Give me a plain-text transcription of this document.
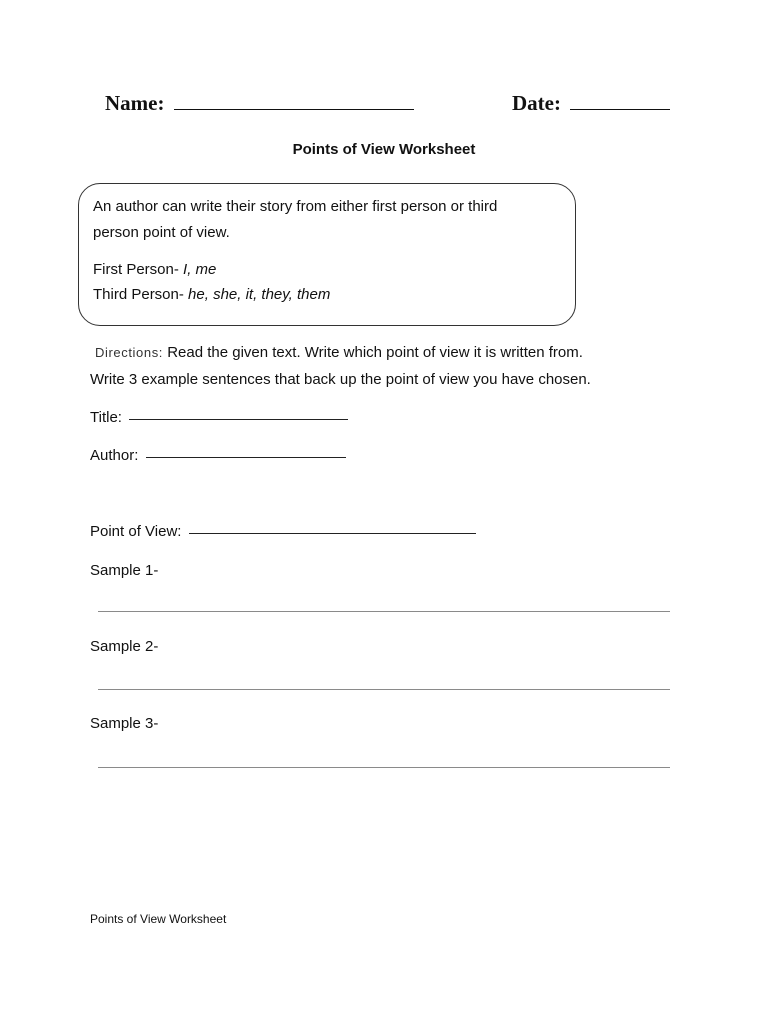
Name:	Date:
Points of View Worksheet

An author can write their story from either first person or third

person point of view.

First Person- I, me

Third Person- he, she, it, they, them

Directions: Read the given text. Write which point of view it is written from.
Write 3 example sentences that back up the point of view you have chosen.
Title:
Author:
Point of View:
Sample 1-
Sample 2-
Sample 3-
Points of View Worksheet
